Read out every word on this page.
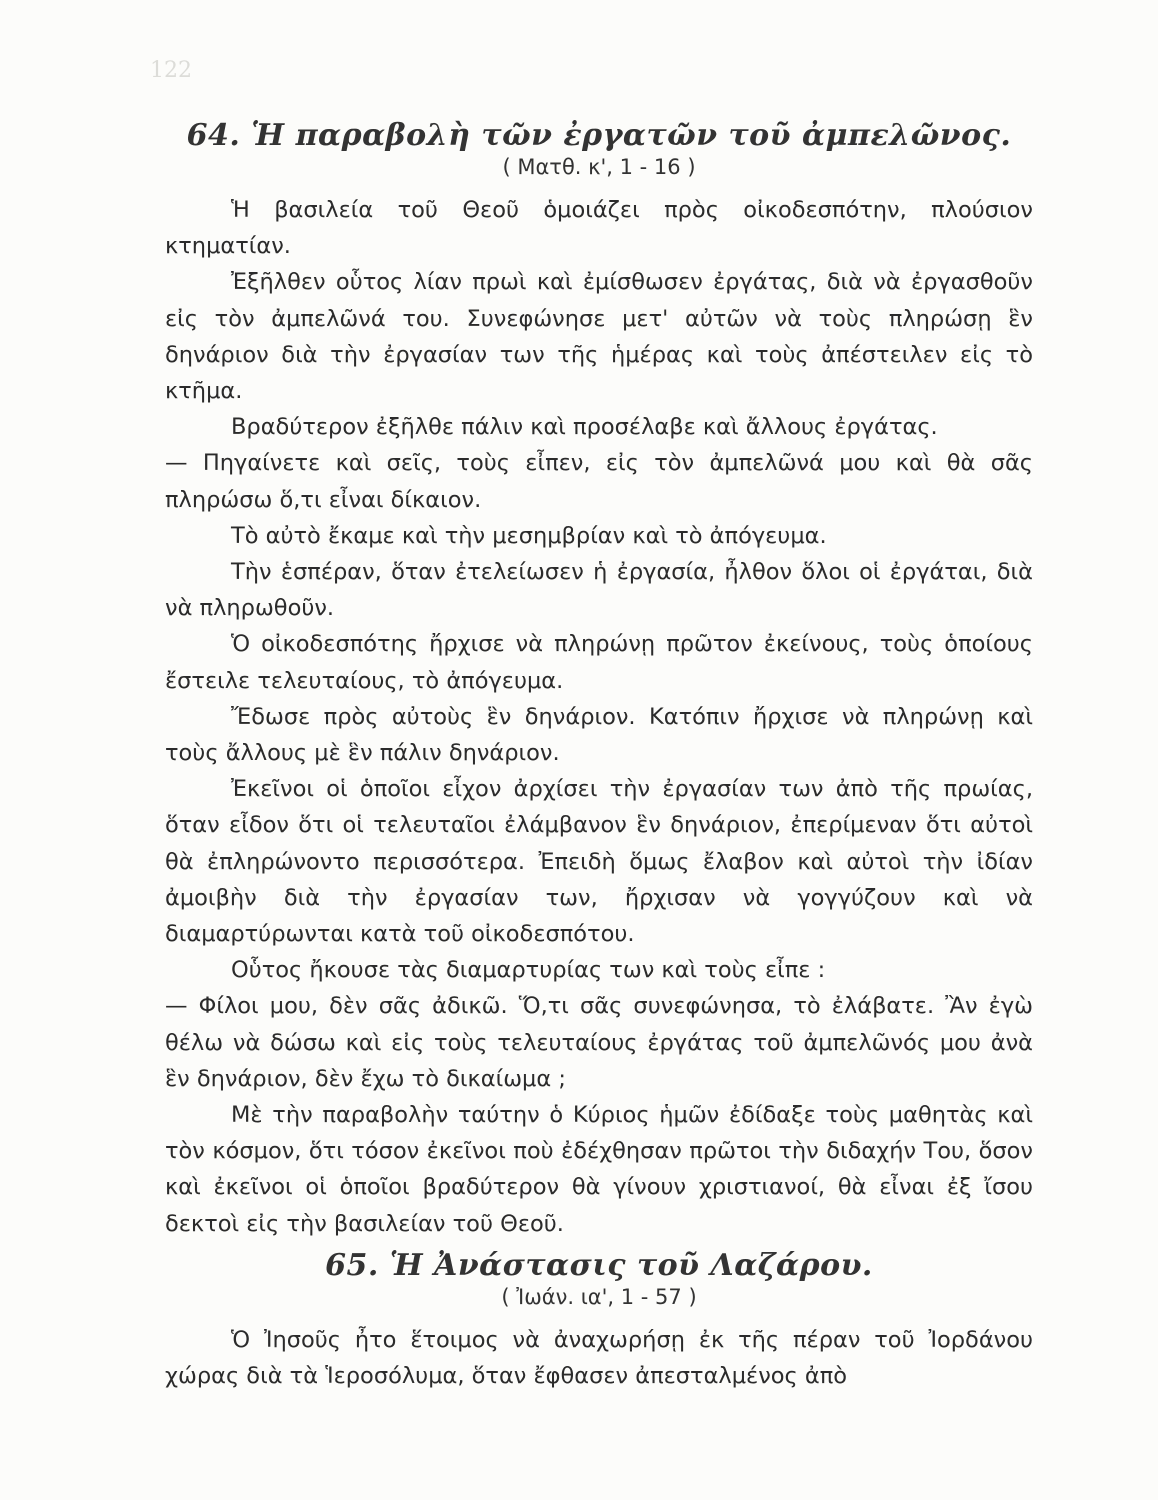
122
64. Ἡ παραβολὴ τῶν ἐργατῶν τοῦ ἀμπελῶνος.

( Ματθ. κ', 1 - 16 )

Ἡ βασιλεία τοῦ Θεοῦ ὁμοιάζει πρὸς οἰκοδεσπότην, πλούσιον κτηματίαν.

Ἐξῆλθεν οὗτος λίαν πρωὶ καὶ ἐμίσθωσεν ἐργάτας, διὰ νὰ ἐργασθοῦν εἰς τὸν ἀμπελῶνά του. Συνεφώνησε μετ' αὐτῶν νὰ τοὺς πληρώσῃ ἓν δηνάριον διὰ τὴν ἐργασίαν των τῆς ἡμέρας καὶ τοὺς ἀπέστειλεν εἰς τὸ κτῆμα.

Βραδύτερον ἐξῆλθε πάλιν καὶ προσέλαβε καὶ ἄλλους ἐργάτας.

— Πηγαίνετε καὶ σεῖς, τοὺς εἶπεν, εἰς τὸν ἀμπελῶνά μου καὶ θὰ σᾶς πληρώσω ὅ,τι εἶναι δίκαιον.

Τὸ αὐτὸ ἔκαμε καὶ τὴν μεσημβρίαν καὶ τὸ ἀπόγευμα.

Τὴν ἑσπέραν, ὅταν ἐτελείωσεν ἡ ἐργασία, ἦλθον ὅλοι οἱ ἐργάται, διὰ νὰ πληρωθοῦν.

Ὁ οἰκοδεσπότης ἤρχισε νὰ πληρώνῃ πρῶτον ἐκείνους, τοὺς ὁποίους ἔστειλε τελευταίους, τὸ ἀπόγευμα.

Ἔδωσε πρὸς αὐτοὺς ἓν δηνάριον. Κατόπιν ἤρχισε νὰ πληρώνῃ καὶ τοὺς ἄλλους μὲ ἓν πάλιν δηνάριον.

Ἐκεῖνοι οἱ ὁποῖοι εἶχον ἀρχίσει τὴν ἐργασίαν των ἀπὸ τῆς πρωίας, ὅταν εἶδον ὅτι οἱ τελευταῖοι ἐλάμβανον ἓν δηνάριον, ἐπερίμεναν ὅτι αὐτοὶ θὰ ἐπληρώνοντο περισσότερα. Ἐπειδὴ ὅμως ἔλαβον καὶ αὐτοὶ τὴν ἰδίαν ἀμοιβὴν διὰ τὴν ἐργασίαν των, ἤρχισαν νὰ γογγύζουν καὶ νὰ διαμαρτύρωνται κατὰ τοῦ οἰκοδεσπότου.

Οὗτος ἤκουσε τὰς διαμαρτυρίας των καὶ τοὺς εἶπε :

— Φίλοι μου, δὲν σᾶς ἀδικῶ. Ὅ,τι σᾶς συνεφώνησα, τὸ ἐλάβατε. Ἂν ἐγὼ θέλω νὰ δώσω καὶ εἰς τοὺς τελευταίους ἐργάτας τοῦ ἀμπελῶνός μου ἀνὰ ἓν δηνάριον, δὲν ἔχω τὸ δικαίωμα ;

Μὲ τὴν παραβολὴν ταύτην ὁ Κύριος ἡμῶν ἐδίδαξε τοὺς μαθητὰς καὶ τὸν κόσμον, ὅτι τόσον ἐκεῖνοι ποὺ ἐδέχθησαν πρῶτοι τὴν διδαχήν Του, ὅσον καὶ ἐκεῖνοι οἱ ὁποῖοι βραδύτερον θὰ γίνουν χριστιανοί, θὰ εἶναι ἐξ ἴσου δεκτοὶ εἰς τὴν βασιλείαν τοῦ Θεοῦ.

65. Ἡ Ἀνάστασις τοῦ Λαζάρου.

( Ἰωάν. ια', 1 - 57 )

Ὁ Ἰησοῦς ἦτο ἕτοιμος νὰ ἀναχωρήσῃ ἐκ τῆς πέραν τοῦ Ἰορδάνου χώρας διὰ τὰ Ἱεροσόλυμα, ὅταν ἔφθασεν ἀπεσταλμένος ἀπὸ
